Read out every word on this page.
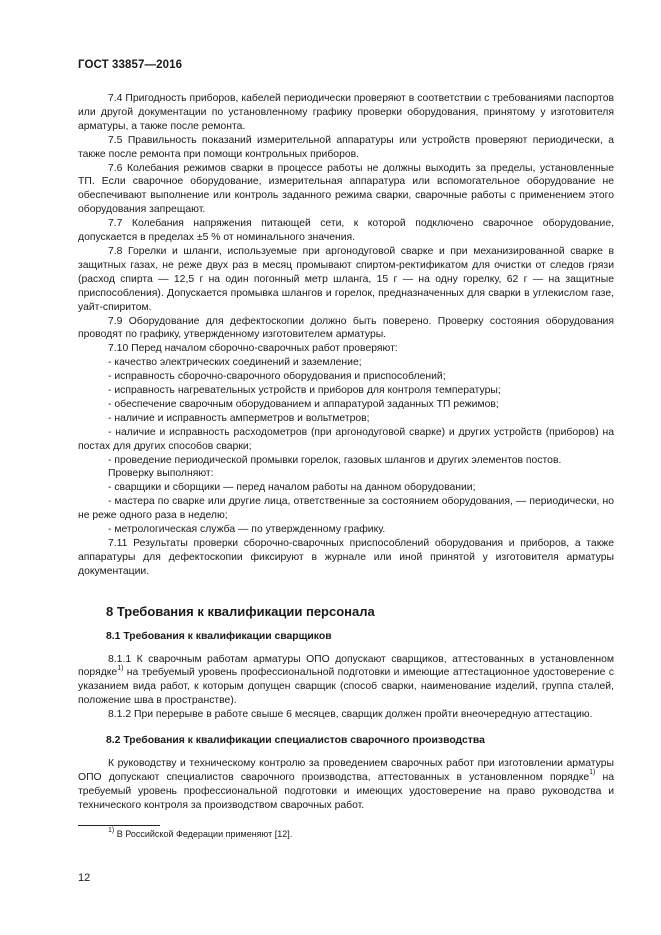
ГОСТ 33857—2016

7.4 Пригодность приборов, кабелей периодически проверяют в соответствии с требованиями паспортов или другой документации по установленному графику проверки оборудования, принятому у изготовителя арматуры, а также после ремонта.

7.5 Правильность показаний измерительной аппаратуры или устройств проверяют периодически, а также после ремонта при помощи контрольных приборов.

7.6 Колебания режимов сварки в процессе работы не должны выходить за пределы, установленные ТП. Если сварочное оборудование, измерительная аппаратура или вспомогательное оборудование не обеспечивают выполнение или контроль заданного режима сварки, сварочные работы с применением этого оборудования запрещают.

7.7 Колебания напряжения питающей сети, к которой подключено сварочное оборудование, допускается в пределах ±5 % от номинального значения.

7.8 Горелки и шланги, используемые при аргонодуговой сварке и при механизированной сварке в защитных газах, не реже двух раз в месяц промывают спиртом-ректификатом для очистки от следов грязи (расход спирта — 12,5 г на один погонный метр шланга, 15 г — на одну горелку, 62 г — на защитные приспособления). Допускается промывка шлангов и горелок, предназначенных для сварки в углекислом газе, уайт-спиритом.

7.9 Оборудование для дефектоскопии должно быть поверено. Проверку состояния оборудования проводят по графику, утвержденному изготовителем арматуры.

7.10 Перед началом сборочно-сварочных работ проверяют:

- качество электрических соединений и заземление;

- исправность сборочно-сварочного оборудования и приспособлений;

- исправность нагревательных устройств и приборов для контроля температуры;

- обеспечение сварочным оборудованием и аппаратурой заданных ТП режимов;

- наличие и исправность амперметров и вольтметров;

- наличие и исправность расходометров (при аргонодуговой сварке) и других устройств (приборов) на постах для других способов сварки;

- проведение периодической промывки горелок, газовых шлангов и других элементов постов.

Проверку выполняют:

- сварщики и сборщики — перед началом работы на данном оборудовании;

- мастера по сварке или другие лица, ответственные за состоянием оборудования, — периодически, но не реже одного раза в неделю;

- метрологическая служба — по утвержденному графику.

7.11 Результаты проверки сборочно-сварочных приспособлений оборудования и приборов, а также аппаратуры для дефектоскопии фиксируют в журнале или иной принятой у изготовителя арматуры документации.

8 Требования к квалификации персонала
8.1 Требования к квалификации сварщиков

8.1.1 К сварочным работам арматуры ОПО допускают сварщиков, аттестованных в установленном порядке$^{1)}$ на требуемый уровень профессиональной подготовки и имеющие аттестационное удостоверение с указанием вида работ, к которым допущен сварщик (способ сварки, наименование изделий, группа сталей, положение шва в пространстве).

8.1.2 При перерыве в работе свыше 6 месяцев, сварщик должен пройти внеочередную аттестацию.

8.2 Требования к квалификации специалистов сварочного производства

К руководству и техническому контролю за проведением сварочных работ при изготовлении арматуры ОПО допускают специалистов сварочного производства, аттестованных в установленном порядке$^{1)}$ на требуемый уровень профессиональной подготовки и имеющих удостоверение на право руководства и технического контроля за производством сварочных работ.

$^{1)}$ В Российской Федерации применяют [12].
12
